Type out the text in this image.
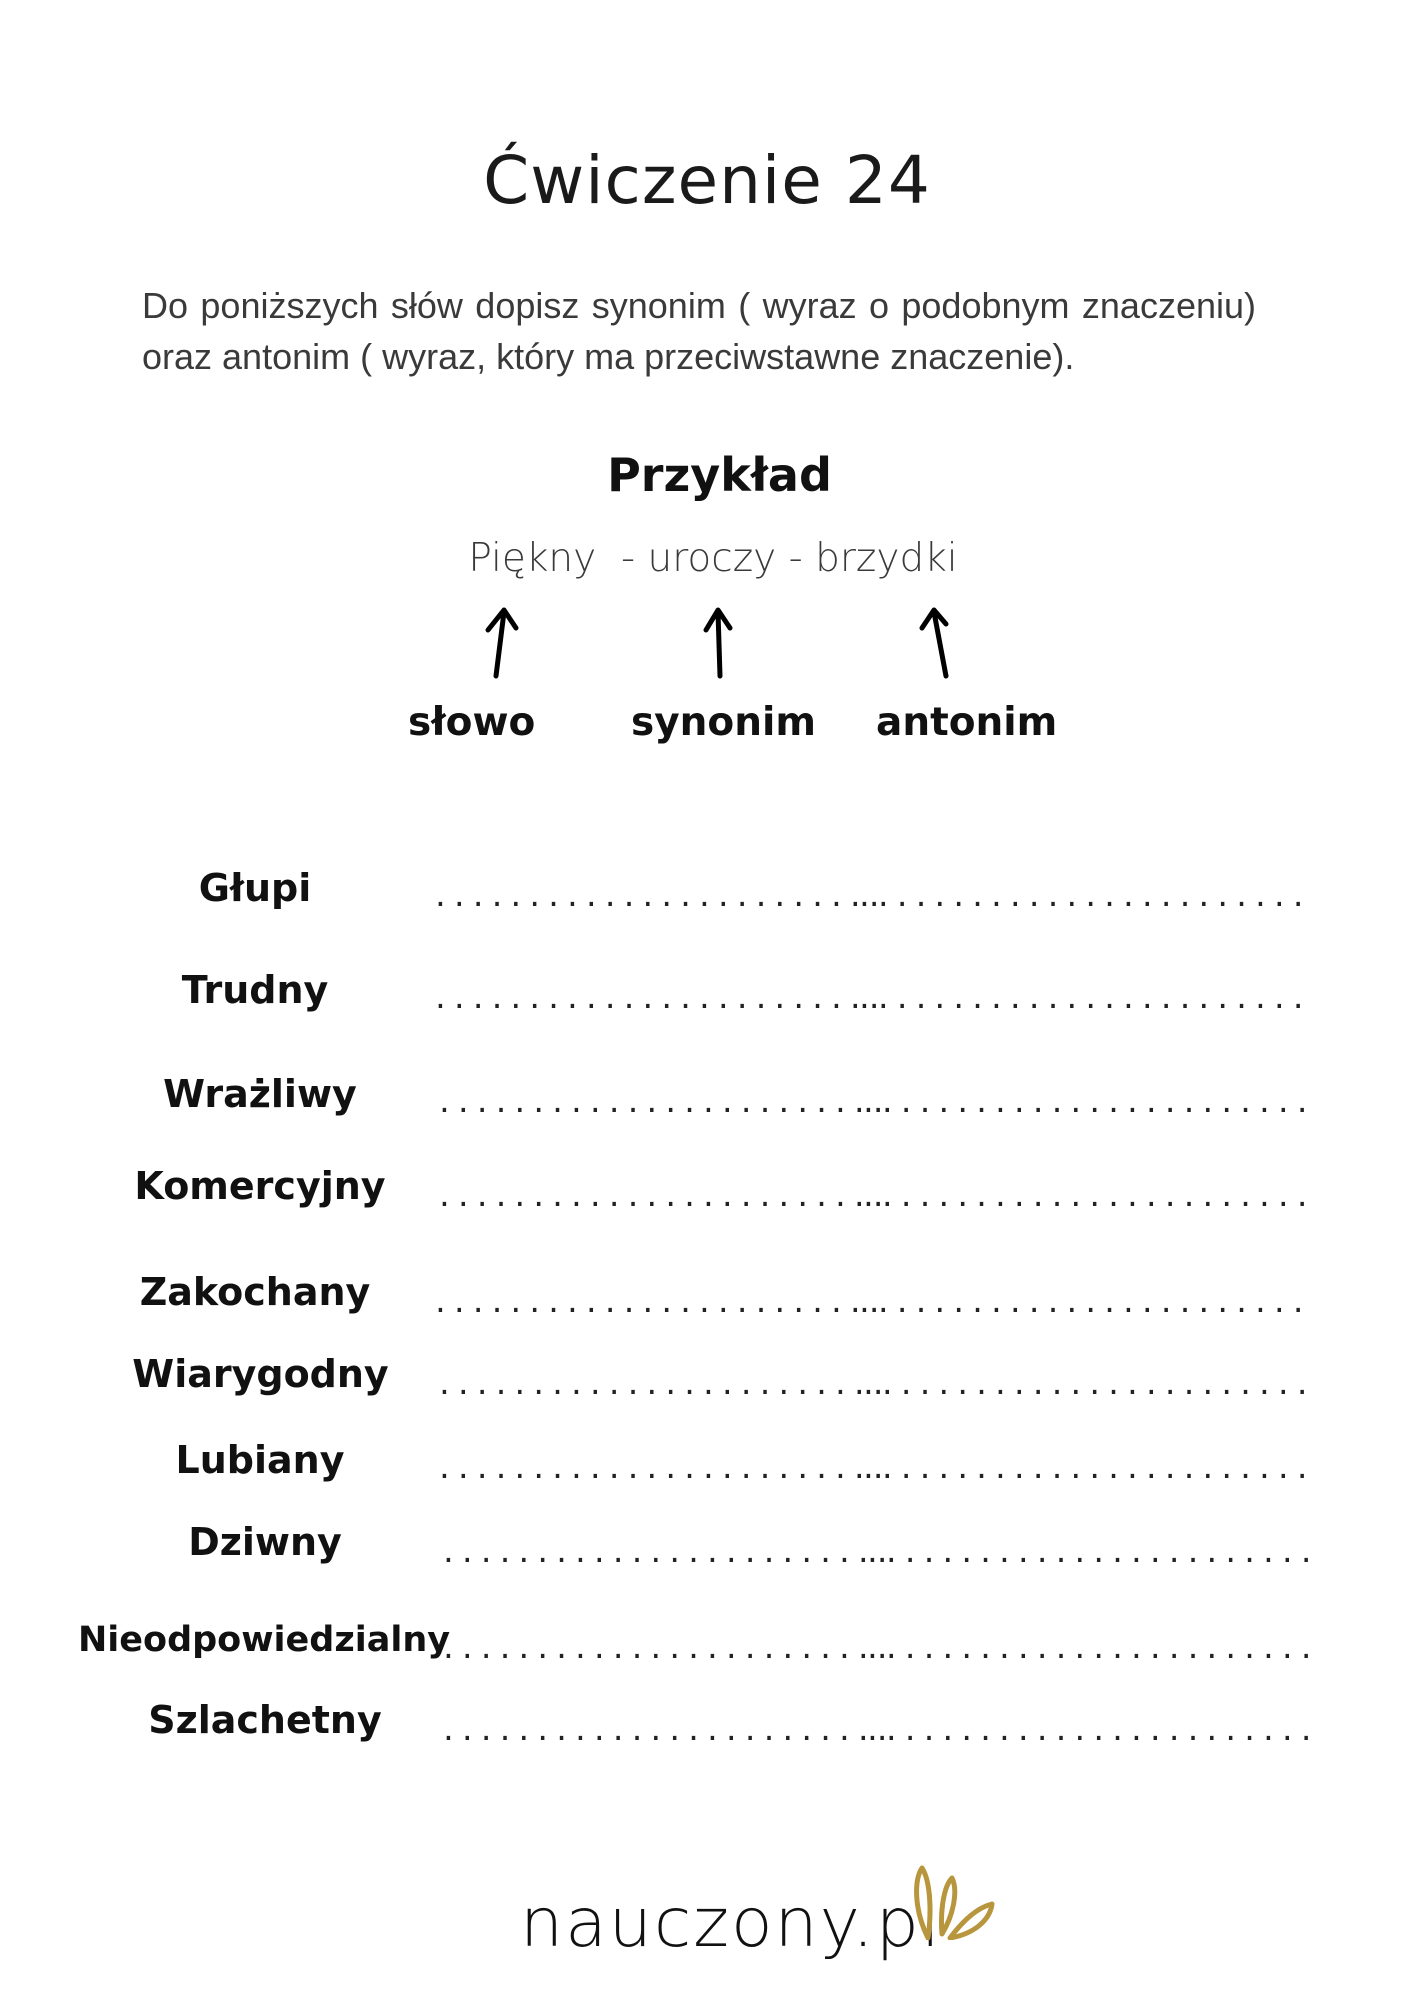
Ćwiczenie 24
Do poniższych słów dopisz synonim ( wyraz o podobnym znaczeniu) oraz antonim ( wyraz, który ma przeciwstawne znaczenie).
Przykład
Piękny  - uroczy - brzydki
słowo synonim antonim
Głupi	........................
........................
Trudny	........................
........................
Wrażliwy	........................
........................
Komercyjny ........................
........................
Zakochany	........................
........................
Wiarygodny ........................
........................
Lubiany	........................
........................
Dziwny	........................
........................
Nieodpowiedzialny
........................
........................
Szlachetny ........................
........................
nauczony.pl
